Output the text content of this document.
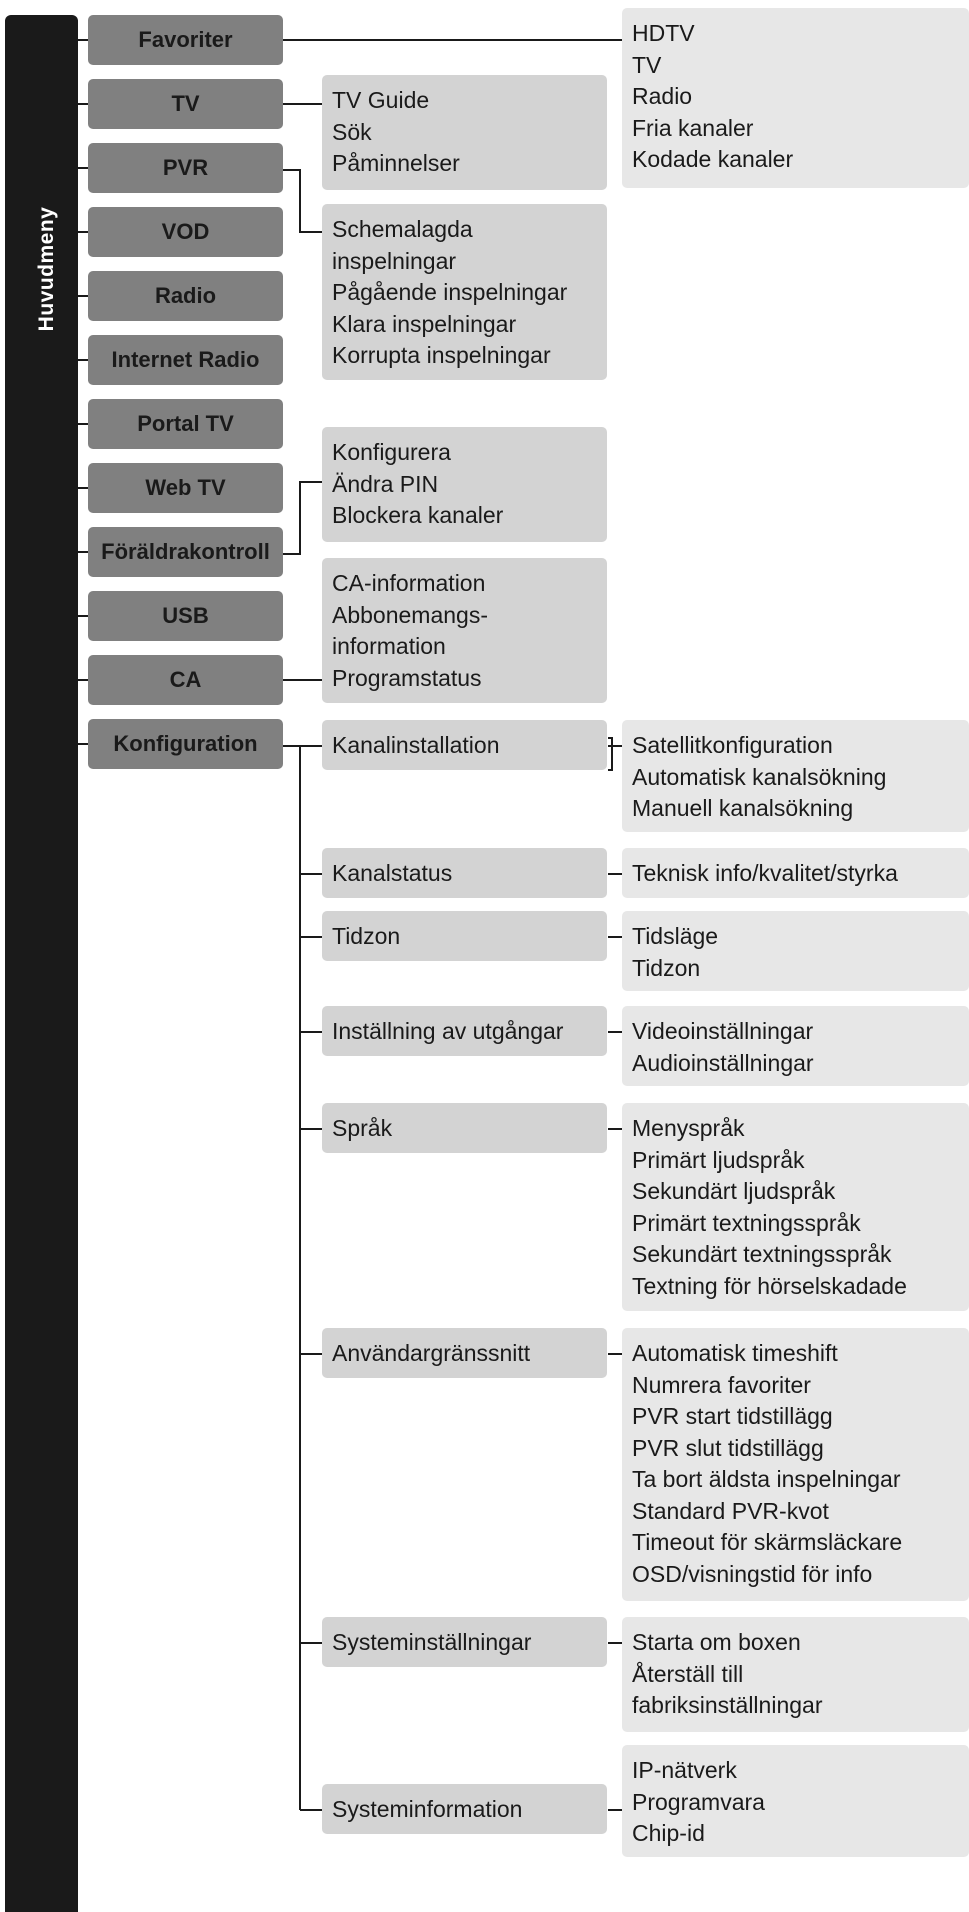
Huvudmeny
Favoriter
TV
PVR
VOD
Radio
Internet Radio
Portal TV
Web TV
Föräldrakontroll
USB
CA
Konfiguration
HDTV
TV
Radio
Fria kanaler
Kodade kanaler
TV Guide
Sök
Påminnelser
Schemalagda
inspelningar
Pågående inspelningar
Klara inspelningar
Korrupta inspelningar
Konfigurera
Ändra PIN
Blockera kanaler
CA-information
Abbonemangs-
information
Programstatus
Kanalinstallation
Kanalstatus
Tidzon
Inställning av utgångar
Språk
Användargränssnitt
Systeminställningar
Systeminformation
Satellitkonfiguration
Automatisk kanalsökning
Manuell kanalsökning
Teknisk info/kvalitet/styrka
Tidsläge
Tidzon
Videoinställningar
Audioinställningar
Menyspråk
Primärt ljudspråk
Sekundärt ljudspråk
Primärt textningsspråk
Sekundärt textningsspråk
Textning för hörselskadade
Automatisk timeshift
Numrera favoriter
PVR start tidstillägg
PVR slut tidstillägg
Ta bort äldsta inspelningar
Standard PVR-kvot
Timeout för skärmsläckare
OSD/visningstid för info
Starta om boxen
Återställ till
fabriksinställningar
IP-nätverk
Programvara
Chip-id
